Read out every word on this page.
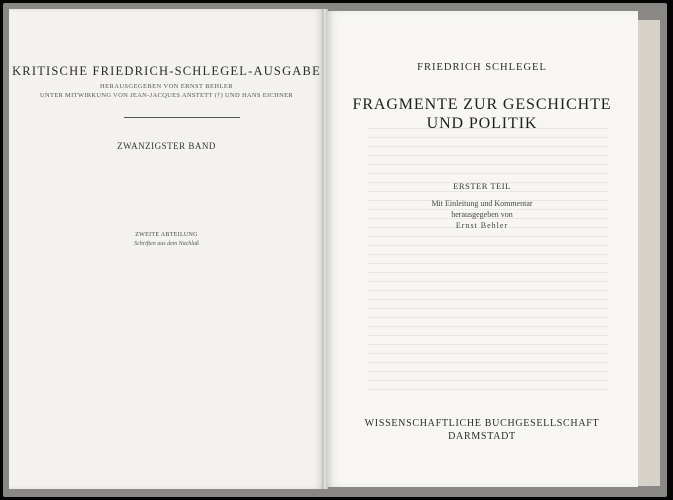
KRITISCHE FRIEDRICH-SCHLEGEL-AUSGABE
HERAUSGEGEBEN VON ERNST BEHLER
UNTER MITWIRKUNG VON JEAN-JACQUES ANSTETT (†) UND HANS EICHNER
ZWANZIGSTER BAND
ZWEITE ABTEILUNG
Schriften aus dem Nachlaß
FRIEDRICH SCHLEGEL
FRAGMENTE ZUR GESCHICHTE
UND POLITIK
ERSTER TEIL
Mit Einleitung und Kommentar
herausgegeben von
Ernst Behler
WISSENSCHAFTLICHE BUCHGESELLSCHAFT
DARMSTADT
